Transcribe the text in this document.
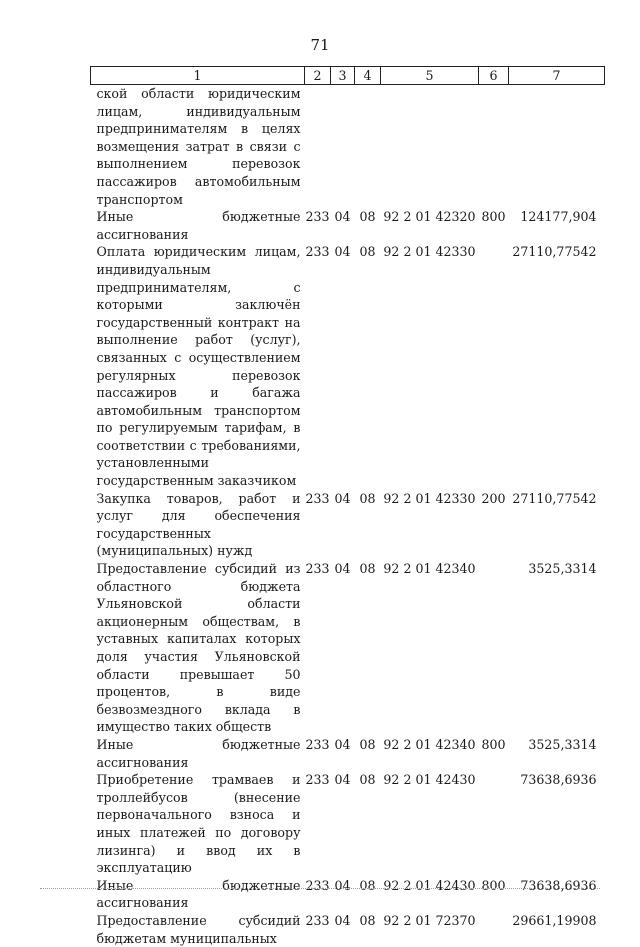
71
1	2	3	4	5	6	7
ской области юридическим лицам, индивидуальным предпринимателям в целях возмещения затрат в связи с выполнением перевозок пассажиров автомобильным транспортом						
Иные бюджетные ассигнования	233	04	08	92 2 01 42320	800	124177,904
Оплата юридическим лицам, индивидуальным предпринимателям, с которыми заключён государственный контракт на выполнение работ (услуг), связанных с осуществлением регулярных перевозок пассажиров и багажа автомобильным транспортом по регулируемым тарифам, в соответствии с требованиями, установленными государственным заказчиком	233	04	08	92 2 01 42330		27110,77542
Закупка товаров, работ и услуг для обеспечения государственных (муниципальных) нужд	233	04	08	92 2 01 42330	200	27110,77542
Предоставление субсидий из областного бюджета Ульяновской области акционерным обществам, в уставных капиталах которых доля участия Ульяновской области превышает 50 процентов, в виде безвозмездного вклада в имущество таких обществ	233	04	08	92 2 01 42340		3525,3314
Иные бюджетные ассигнования	233	04	08	92 2 01 42340	800	3525,3314
Приобретение трамваев и троллейбусов (внесение первоначального взноса и иных платежей по договору лизинга) и ввод их в эксплуатацию	233	04	08	92 2 01 42430		73638,6936
Иные бюджетные ассигнования	233	04	08	92 2 01 42430	800	73638,6936
Предоставление субсидий бюджетам муниципальных	233	04	08	92 2 01 72370		29661,19908
